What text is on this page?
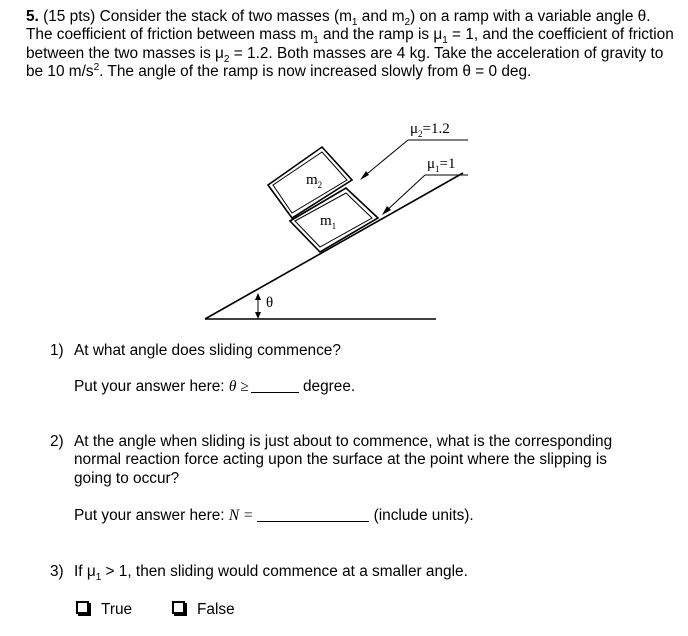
5. (15 pts) Consider the stack of two masses ($m_1$ and $m_2$) on a ramp with a variable angle θ. The coefficient of friction between mass $m_1$ and the ramp is $\mu_1 = 1$, and the coefficient of friction between the two masses is $\mu_2 = 1.2$. Both masses are 4 kg. Take the acceleration of gravity to be 10 $m/s^2$. The angle of the ramp is now increased slowly from θ = 0 deg.
$m_2$
$m_1$
$\mu_2=1.2$
$\mu_1=1$
θ
1) At what angle does sliding commence?
Put your answer here: θ ≥	degree.
2) At the angle when sliding is just about to commence, what is the corresponding normal reaction force acting upon the surface at the point where the slipping is going to occur?
Put your answer here: N =	(include units).
3) If $\mu_1 > 1$, then sliding would commence at a smaller angle.
True	False
